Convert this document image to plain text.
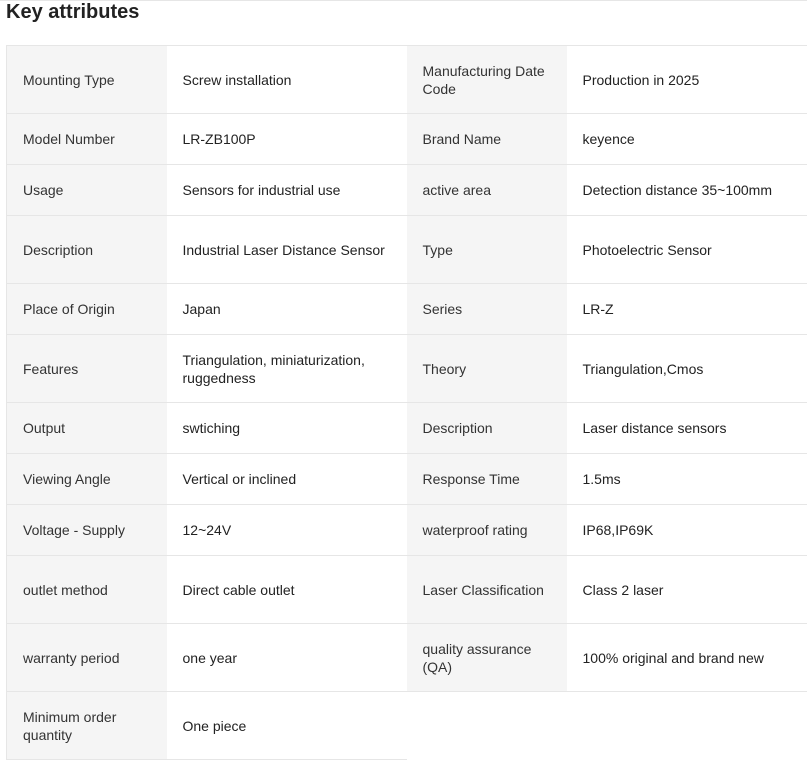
Key attributes
Mounting Type	Screw installation	Manufacturing Date Code	Production in 2025
Model Number	LR-ZB100P	Brand Name	keyence
Usage	Sensors for industrial use	active area	Detection distance 35~100mm
Description	Industrial Laser Distance Sensor	Type	Photoelectric Sensor
Place of Origin	Japan	Series	LR-Z
Features	Triangulation, miniaturization, ruggedness	Theory	Triangulation,Cmos
Output	swtiching	Description	Laser distance sensors
Viewing Angle	Vertical or inclined	Response Time	1.5ms
Voltage - Supply	12~24V	waterproof rating	IP68,IP69K
outlet method	Direct cable outlet	Laser Classification	Class 2 laser
warranty period	one year	quality assurance (QA)	100% original and brand new
Minimum order quantity	One piece		
